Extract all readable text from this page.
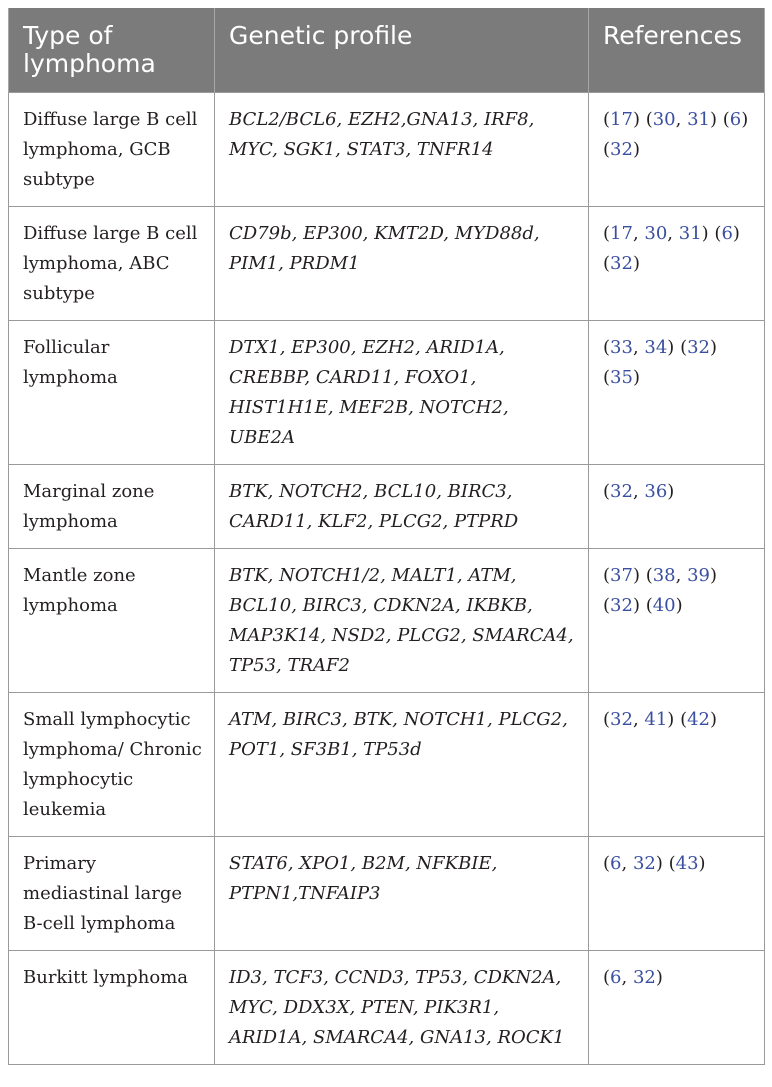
Type of lymphoma	Genetic profile	References
Diffuse large B cell lymphoma, GCB subtype	BCL2/BCL6, EZH2,GNA13, IRF8, MYC, SGK1, STAT3, TNFR14	(17) (30, 31) (6) (32)
Diffuse large B cell lymphoma, ABC subtype	CD79b, EP300, KMT2D, MYD88d, PIM1, PRDM1	(17, 30, 31) (6) (32)
Follicular lymphoma	DTX1, EP300, EZH2, ARID1A, CREBBP, CARD11, FOXO1, HIST1H1E, MEF2B, NOTCH2, UBE2A	(33, 34) (32) (35)
Marginal zone lymphoma	BTK, NOTCH2, BCL10, BIRC3, CARD11, KLF2, PLCG2, PTPRD	(32, 36)
Mantle zone lymphoma	BTK, NOTCH1/2, MALT1, ATM, BCL10, BIRC3, CDKN2A, IKBKB, MAP3K14, NSD2, PLCG2, SMARCA4, TP53, TRAF2	(37) (38, 39) (32) (40)
Small lymphocytic lymphoma/ Chronic lymphocytic leukemia	ATM, BIRC3, BTK, NOTCH1, PLCG2, POT1, SF3B1, TP53d	(32, 41) (42)
Primary mediastinal large B-cell lymphoma	STAT6, XPO1, B2M, NFKBIE, PTPN1,TNFAIP3	(6, 32) (43)
Burkitt lymphoma	ID3, TCF3, CCND3, TP53, CDKN2A, MYC, DDX3X, PTEN, PIK3R1, ARID1A, SMARCA4, GNA13, ROCK1	(6, 32)
